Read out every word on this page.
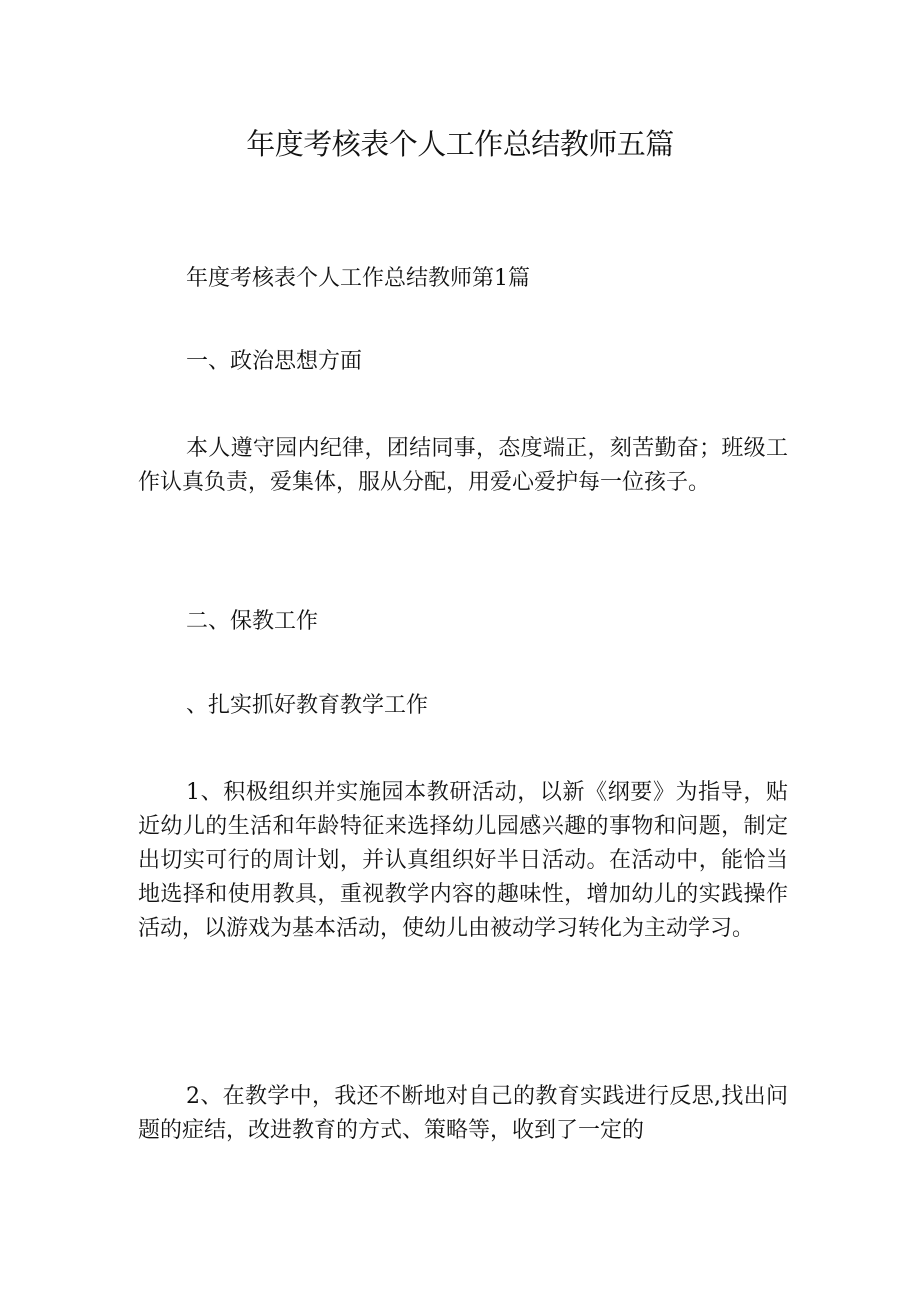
年度考核表个人工作总结教师五篇

年度考核表个人工作总结教师第1篇

一、政治思想方面

本人遵守园内纪律，团结同事，态度端正，刻苦勤奋；班级工作认真负责，爱集体，服从分配，用爱心爱护每一位孩子。

二、保教工作

、扎实抓好教育教学工作

1、积极组织并实施园本教研活动，以新《纲要》为指导，贴近幼儿的生活和年龄特征来选择幼儿园感兴趣的事物和问题，制定出切实可行的周计划，并认真组织好半日活动。在活动中，能恰当地选择和使用教具，重视教学内容的趣味性，增加幼儿的实践操作活动，以游戏为基本活动，使幼儿由被动学习转化为主动学习。

2、在教学中，我还不断地对自己的教育实践进行反思,找出问题的症结，改进教育的方式、策略等，收到了一定的
